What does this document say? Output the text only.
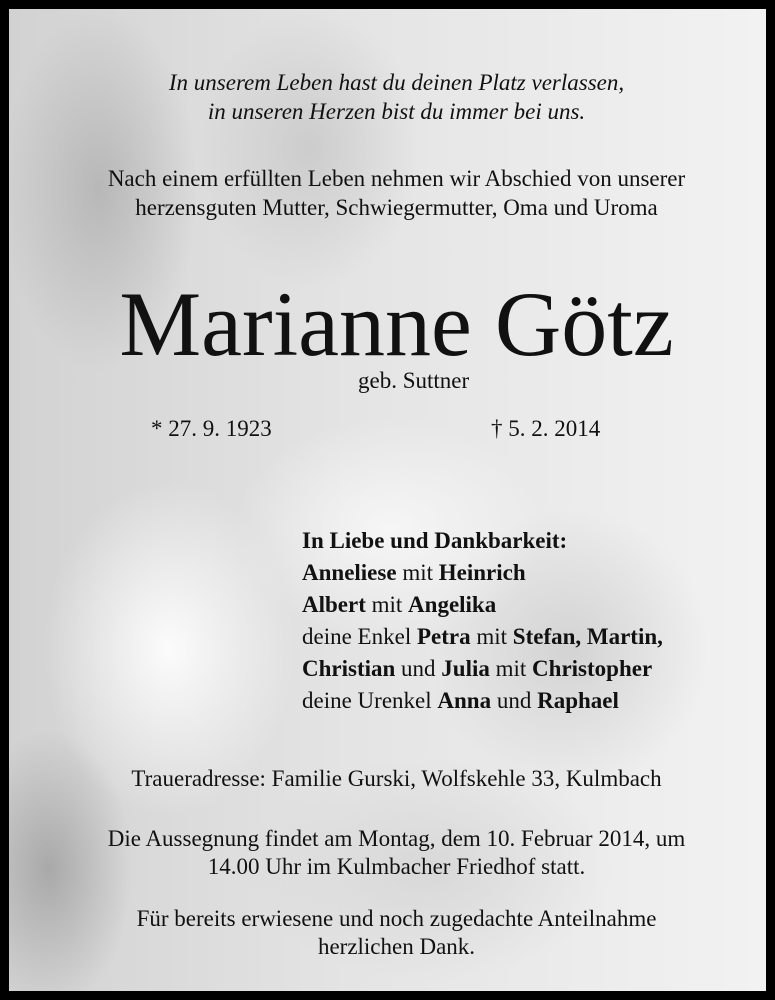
In unserem Leben hast du deinen Platz verlassen,
in unseren Herzen bist du immer bei uns.
Nach einem erfüllten Leben nehmen wir Abschied von unserer
herzensguten Mutter, Schwiegermutter, Oma und Uroma
Marianne Götz
geb. Suttner
* 27. 9. 1923	† 5. 2. 2014
In Liebe und Dankbarkeit:
Anneliese mit Heinrich
Albert mit Angelika
deine Enkel Petra mit Stefan, Martin,
Christian und Julia mit Christopher
deine Urenkel Anna und Raphael
Traueradresse: Familie Gurski, Wolfskehle 33, Kulmbach
Die Aussegnung findet am Montag, dem 10. Februar 2014, um
14.00 Uhr im Kulmbacher Friedhof statt.
Für bereits erwiesene und noch zugedachte Anteilnahme
herzlichen Dank.
